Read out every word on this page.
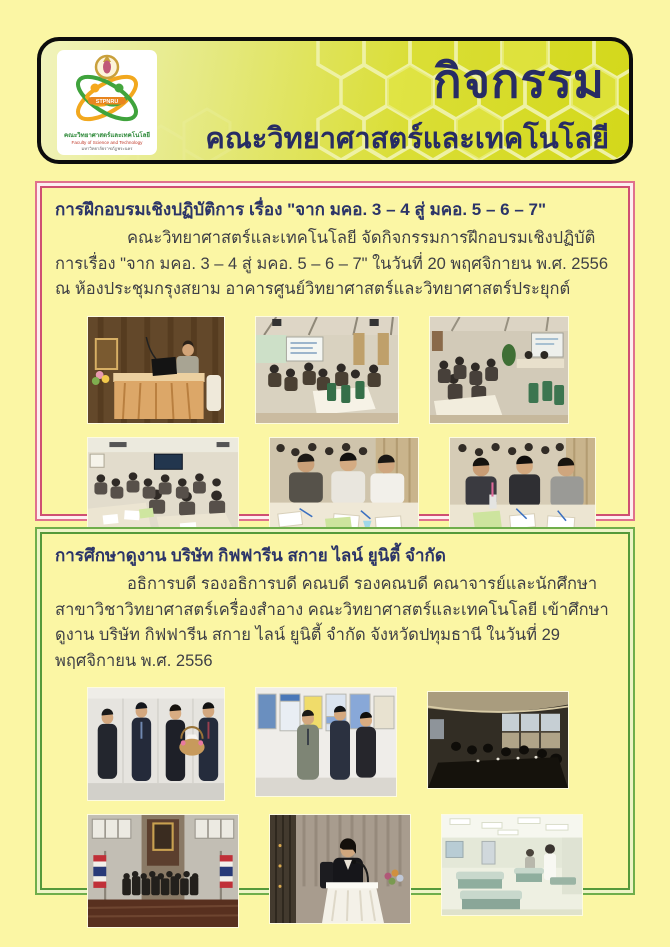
STPNRU
คณะวิทยาศาสตร์และเทคโนโลยี
Faculty of Science and Technology
มหาวิทยาลัยราชภัฏพระนคร
กิจกรรม
คณะวิทยาศาสตร์และเทคโนโลยี
การฝึกอบรมเชิงปฏิบัติการ เรื่อง "จาก มคอ. 3 – 4 สู่ มคอ. 5 – 6 – 7"

คณะวิทยาศาสตร์และเทคโนโลยี จัดกิจกรรมการฝึกอบรมเชิงปฏิบัติการเรื่อง "จาก มคอ. 3 – 4 สู่ มคอ. 5 – 6 – 7" ในวันที่ 20 พฤศจิกายน พ.ศ. 2556 ณ ห้องประชุมกรุงสยาม อาคารศูนย์วิทยาศาสตร์และวิทยาศาสตร์ประยุกต์

การศึกษาดูงาน บริษัท กิฟฟารีน สกาย ไลน์ ยูนิตี้ จำกัด

อธิการบดี รองอธิการบดี คณบดี รองคณบดี คณาจารย์และนักศึกษาสาขาวิชาวิทยาศาสตร์เครื่องสำอาง คณะวิทยาศาสตร์และเทคโนโลยี เข้าศึกษาดูงาน บริษัท กิฟฟารีน สกาย ไลน์ ยูนิตี้ จำกัด จังหวัดปทุมธานี ในวันที่ 29 พฤศจิกายน พ.ศ. 2556
